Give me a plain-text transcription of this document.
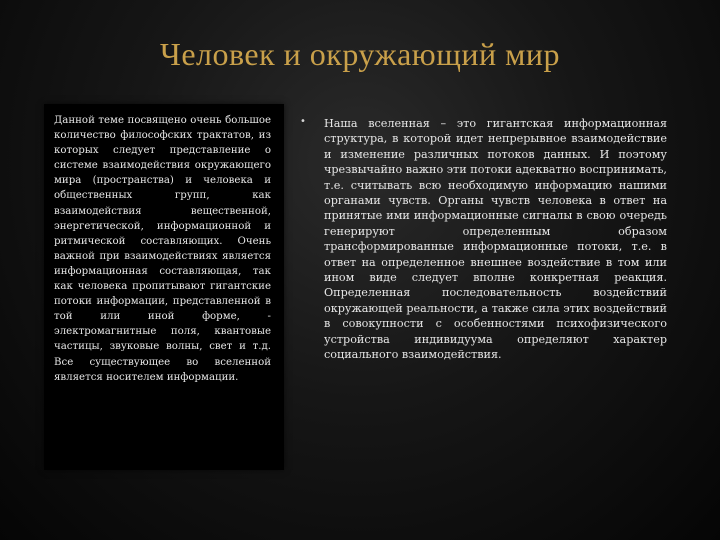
Человек и окружающий мир
Данной теме посвящено очень большое количество философских трактатов, из которых следует представление о системе взаимодействия окружающего мира (пространства) и человека и общественных групп, как взаимодействия вещественной, энергетической, информационной и ритмической составляющих. Очень важной при взаимодействиях является информационная составляющая, так как человека пропитывают гигантские потоки информации, представленной в той или иной форме, - электромагнитные поля, квантовые частицы, звуковые волны, свет и т.д. Все существующее во вселенной является носителем информации.
• Наша вселенная – это гигантская информационная структура, в которой идет непрерывное взаимодействие и изменение различных потоков данных. И поэтому чрезвычайно важно эти потоки адекватно воспринимать, т.е. считывать всю необходимую информацию нашими органами чувств. Органы чувств человека в ответ на принятые ими информационные сигналы в свою очередь генерируют определенным образом трансформированные информационные потоки, т.е. в ответ на определенное внешнее воздействие в том или ином виде следует вполне конкретная реакция. Определенная последовательность воздействий окружающей реальности, а также сила этих воздействий в совокупности с особенностями психофизического устройства индивидуума определяют характер социального взаимодействия.
